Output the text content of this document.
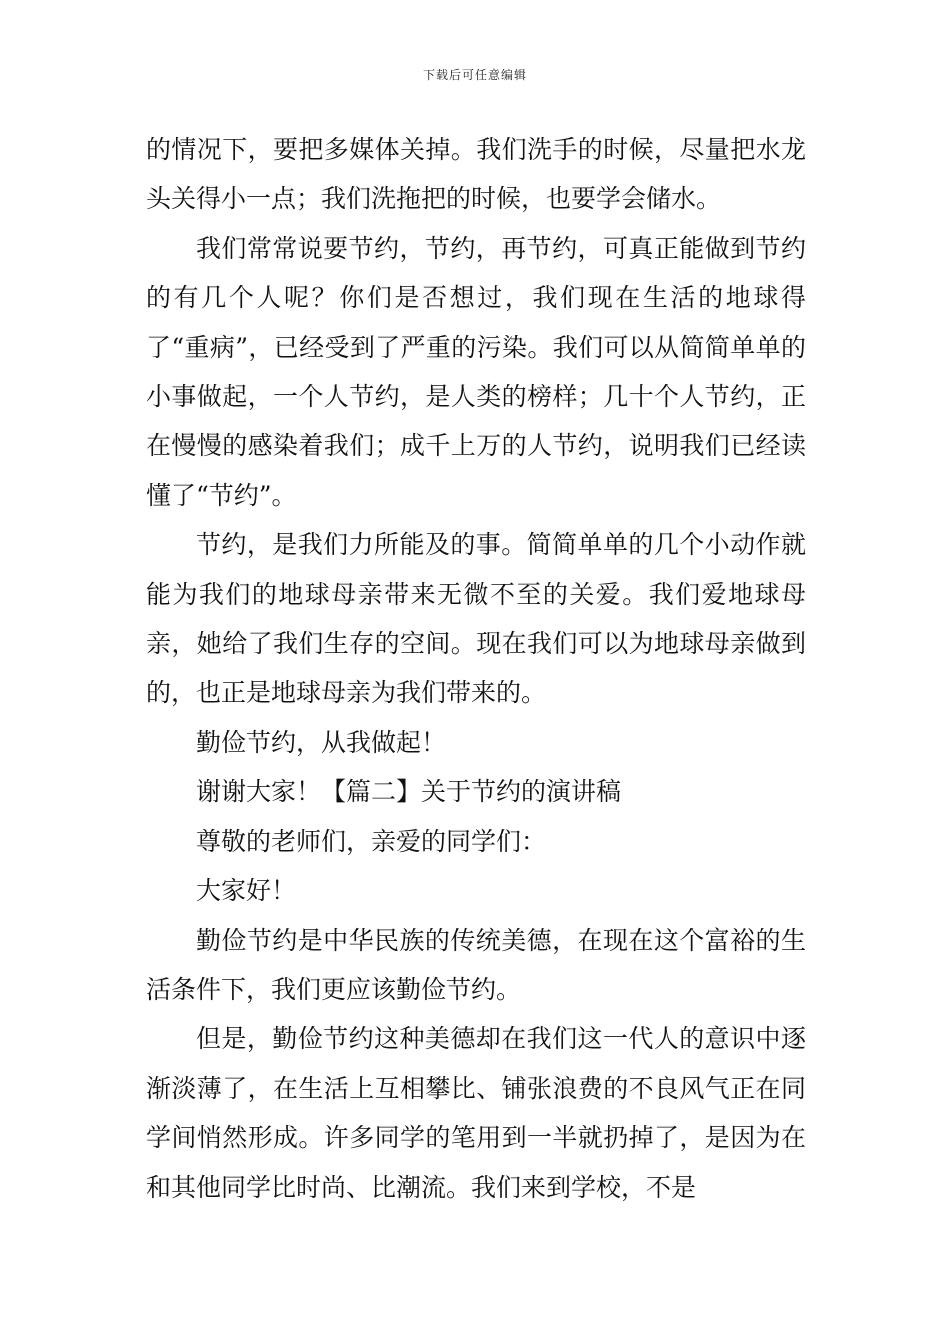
下载后可任意编辑

的情况下，要把多媒体关掉。我们洗手的时候，尽量把水龙头关得小一点；我们洗拖把的时候，也要学会储水。

我们常常说要节约，节约，再节约，可真正能做到节约的有几个人呢？你们是否想过，我们现在生活的地球得了“重病”，已经受到了严重的污染。我们可以从简简单单的小事做起，一个人节约，是人类的榜样；几十个人节约，正在慢慢的感染着我们；成千上万的人节约，说明我们已经读懂了“节约”。

节约，是我们力所能及的事。简简单单的几个小动作就能为我们的地球母亲带来无微不至的关爱。我们爱地球母亲，她给了我们生存的空间。现在我们可以为地球母亲做到的，也正是地球母亲为我们带来的。

勤俭节约，从我做起！

谢谢大家！【篇二】关于节约的演讲稿

尊敬的老师们，亲爱的同学们：

大家好！

勤俭节约是中华民族的传统美德，在现在这个富裕的生活条件下，我们更应该勤俭节约。

但是，勤俭节约这种美德却在我们这一代人的意识中逐渐淡薄了，在生活上互相攀比、铺张浪费的不良风气正在同学间悄然形成。许多同学的笔用到一半就扔掉了，是因为在和其他同学比时尚、比潮流。我们来到学校，不是
